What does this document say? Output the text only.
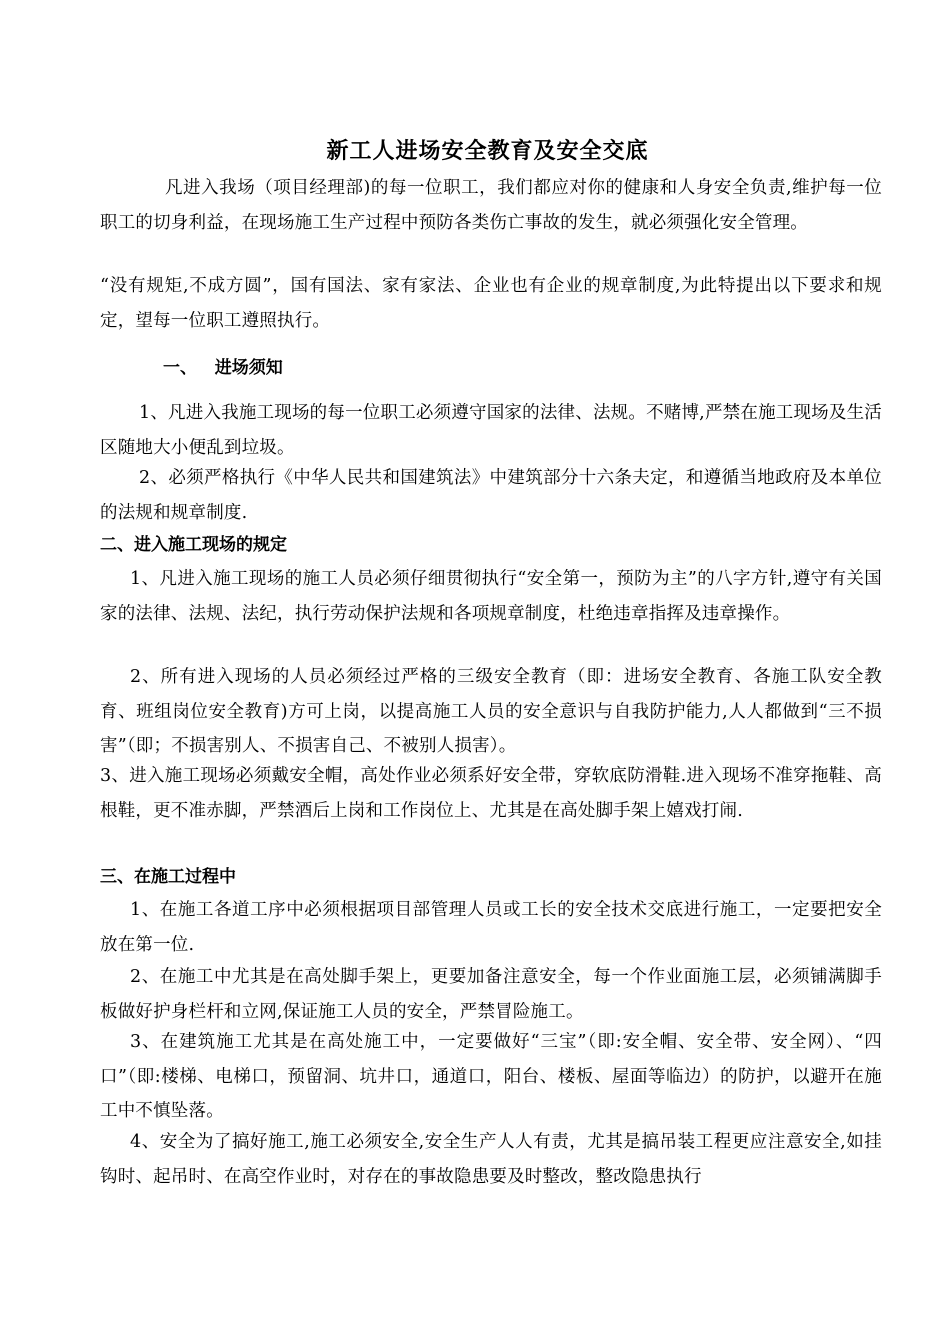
新工人进场安全教育及安全交底
凡进入我场（项目经理部)的每一位职工，我们都应对你的健康和人身安全负责,维护每一位职工的切身利益，在现场施工生产过程中预防各类伤亡事故的发生，就必须强化安全管理。
“没有规矩,不成方圆”，国有国法、家有家法、企业也有企业的规章制度,为此特提出以下要求和规定，望每一位职工遵照执行。
一、   进场须知
1、凡进入我施工现场的每一位职工必须遵守国家的法律、法规。不赌博,严禁在施工现场及生活区随地大小便乱到垃圾。
2、必须严格执行《中华人民共和国建筑法》中建筑部分十六条夫定，和遵循当地政府及本单位的法规和规章制度.
二、进入施工现场的规定
1、凡进入施工现场的施工人员必须仔细贯彻执行“安全第一，预防为主”的八字方针,遵守有关国家的法律、法规、法纪，执行劳动保护法规和各项规章制度，杜绝违章指挥及违章操作。
2、所有进入现场的人员必须经过严格的三级安全教育（即：进场安全教育、各施工队安全教育、班组岗位安全教育)方可上岗，以提高施工人员的安全意识与自我防护能力,人人都做到“三不损害”（即；不损害别人、不损害自己、不被别人损害）。
3、进入施工现场必须戴安全帽，高处作业必须系好安全带，穿软底防滑鞋.进入现场不准穿拖鞋、高根鞋，更不准赤脚，严禁酒后上岗和工作岗位上、尤其是在高处脚手架上嬉戏打闹.
三、在施工过程中
1、在施工各道工序中必须根据项目部管理人员或工长的安全技术交底进行施工，一定要把安全放在第一位.
2、在施工中尤其是在高处脚手架上，更要加备注意安全，每一个作业面施工层，必须铺满脚手板做好护身栏杆和立网,保证施工人员的安全，严禁冒险施工。
3、在建筑施工尤其是在高处施工中，一定要做好“三宝”（即:安全帽、安全带、安全网）、“四口”（即:楼梯、电梯口，预留洞、坑井口，通道口，阳台、楼板、屋面等临边）的防护，以避开在施工中不慎坠落。
4、安全为了搞好施工,施工必须安全,安全生产人人有责，尤其是搞吊装工程更应注意安全,如挂钩时、起吊时、在高空作业时，对存在的事故隐患要及时整改，整改隐患执行
